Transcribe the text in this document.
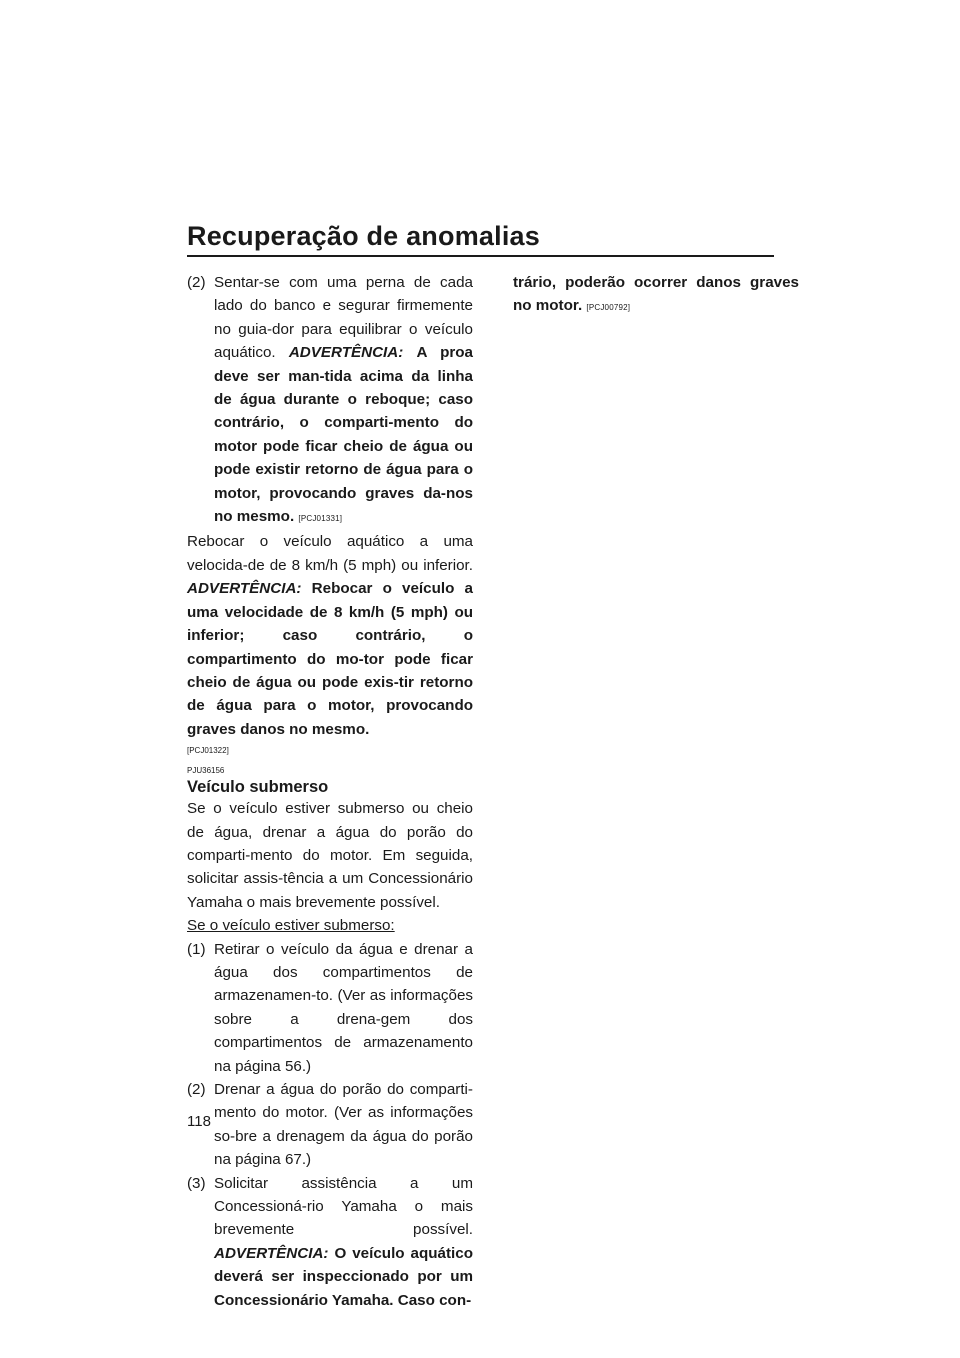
Recuperação de anomalias
(2) Sentar-se com uma perna de cada lado do banco e segurar firmemente no guia-dor para equilibrar o veículo aquático. ADVERTÊNCIA: A proa deve ser man-tida acima da linha de água durante o reboque; caso contrário, o comparti-mento do motor pode ficar cheio de água ou pode existir retorno de água para o motor, provocando graves da-nos no mesmo. [PCJ01331]

Rebocar o veículo aquático a uma velocida-de de 8 km/h (5 mph) ou inferior. ADVERTÊNCIA: Rebocar o veículo a uma velocidade de 8 km/h (5 mph) ou inferior; caso contrário, o compartimento do mo-tor pode ficar cheio de água ou pode exis-tir retorno de água para o motor, provocando graves danos no mesmo.

[PCJ01322]
PJU36156
Veículo submerso

Se o veículo estiver submerso ou cheio de água, drenar a água do porão do comparti-mento do motor. Em seguida, solicitar assis-tência a um Concessionário Yamaha o mais brevemente possível.

Se o veículo estiver submerso:
(1) Retirar o veículo da água e drenar a água dos compartimentos de armazenamen-to. (Ver as informações sobre a drena-gem dos compartimentos de armazenamento na página 56.)
(2) Drenar a água do porão do comparti-mento do motor. (Ver as informações so-bre a drenagem da água do porão na página 67.)
(3) Solicitar assistência a um Concessioná-rio Yamaha o mais brevemente possível. ADVERTÊNCIA: O veículo aquático deverá ser inspeccionado por um Concessionário Yamaha. Caso con-

trário, poderão ocorrer danos graves no motor. [PCJ00792]

118
